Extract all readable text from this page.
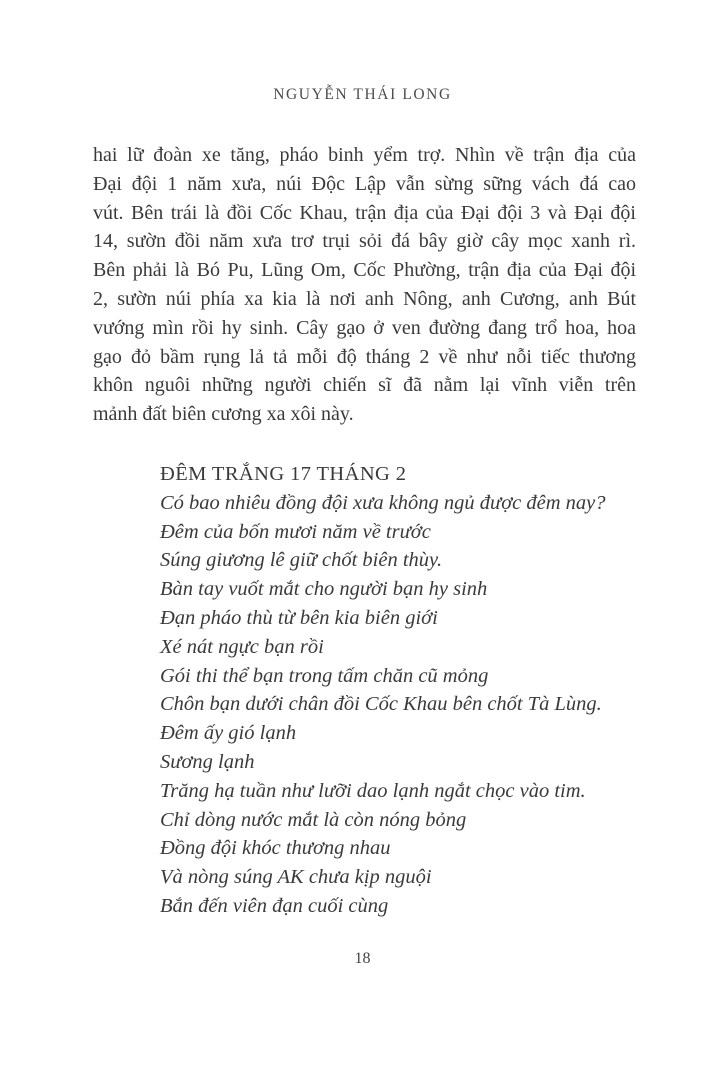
NGUYỄN THÁI LONG
hai lữ đoàn xe tăng, pháo binh yểm trợ. Nhìn về trận địa của
Đại đội 1 năm xưa, núi Độc Lập vẫn sừng sững vách đá cao
vút. Bên trái là đồi Cốc Khau, trận địa của Đại đội 3 và Đại đội
14, sườn đồi năm xưa trơ trụi sỏi đá bây giờ cây mọc xanh rì.
Bên phải là Bó Pu, Lũng Om, Cốc Phường, trận địa của Đại đội
2, sườn núi phía xa kia là nơi anh Nông, anh Cương, anh Bút
vướng mìn rồi hy sinh. Cây gạo ở ven đường đang trổ hoa, hoa
gạo đỏ bầm rụng lả tả mỗi độ tháng 2 về như nỗi tiếc thương
khôn nguôi những người chiến sĩ đã nằm lại vĩnh viễn trên
mảnh đất biên cương xa xôi này.
ĐÊM TRẮNG 17 THÁNG 2
Có bao nhiêu đồng đội xưa không ngủ được đêm nay?
Đêm của bốn mươi năm về trước
Súng giương lê giữ chốt biên thùy.
Bàn tay vuốt mắt cho người bạn hy sinh
Đạn pháo thù từ bên kia biên giới
Xé nát ngực bạn rồi
Gói thi thể bạn trong tấm chăn cũ mỏng
Chôn bạn dưới chân đồi Cốc Khau bên chốt Tà Lùng.
Đêm ấy gió lạnh
Sương lạnh
Trăng hạ tuần như lưỡi dao lạnh ngắt chọc vào tim.
Chỉ dòng nước mắt là còn nóng bỏng
Đồng đội khóc thương nhau
Và nòng súng AK chưa kịp nguội
Bắn đến viên đạn cuối cùng
18
